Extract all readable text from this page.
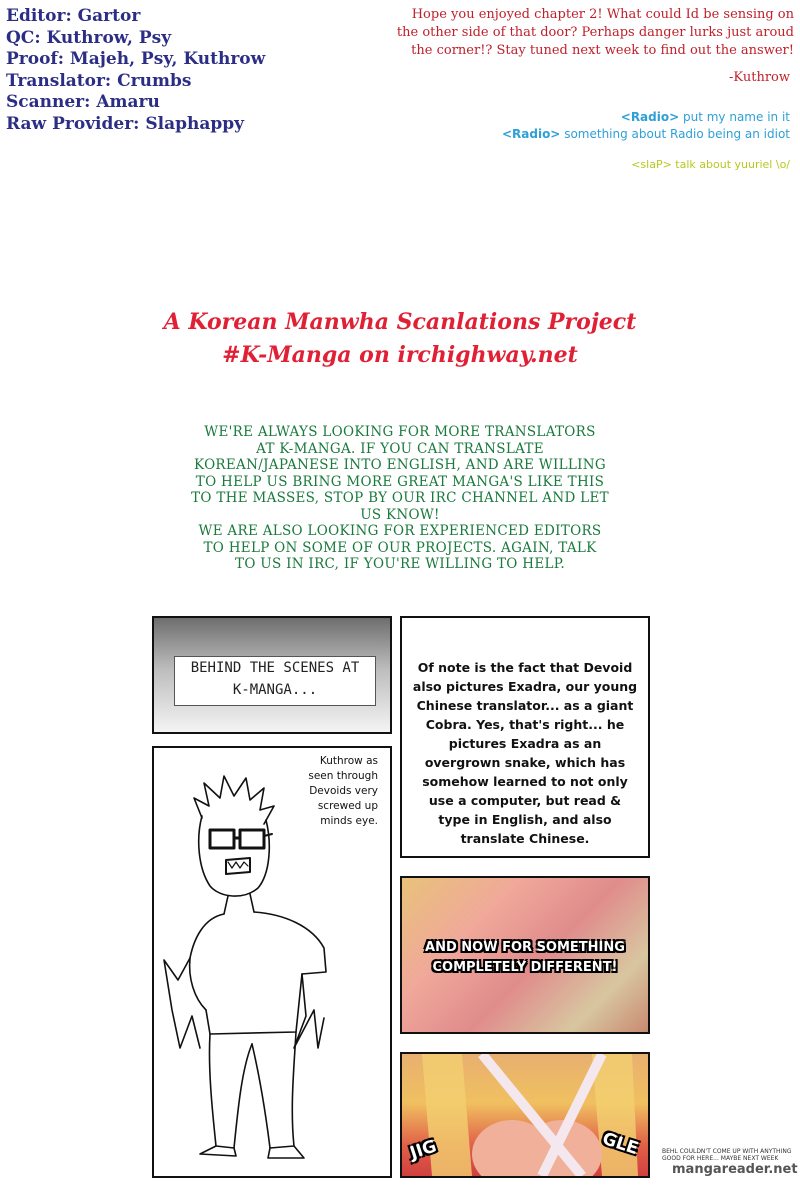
Editor: Gartor
QC: Kuthrow, Psy
Proof: Majeh, Psy, Kuthrow
Translator: Crumbs
Scanner: Amaru
Raw Provider: Slaphappy
Hope you enjoyed chapter 2! What could Id be sensing on the other side of that door? Perhaps danger lurks just aroud the corner!? Stay tuned next week to find out the answer!
-Kuthrow
<Radio> put my name in it
<Radio> something about Radio being an idiot
<slaP> talk about yuuriel \o/
A Korean Manwha Scanlations Project
#K-Manga on irchighway.net
WE'RE ALWAYS LOOKING FOR MORE TRANSLATORS
AT K-MANGA. IF YOU CAN TRANSLATE
KOREAN/JAPANESE INTO ENGLISH, AND ARE WILLING
TO HELP US BRING MORE GREAT MANGA'S LIKE THIS
TO THE MASSES, STOP BY OUR IRC CHANNEL AND LET
US KNOW!
WE ARE ALSO LOOKING FOR EXPERIENCED EDITORS
TO HELP ON SOME OF OUR PROJECTS. AGAIN, TALK
TO US IN IRC, IF YOU'RE WILLING TO HELP.
BEHIND THE SCENES AT
K-MANGA...
Of note is the fact that Devoid also pictures Exadra, our young Chinese translator... as a giant Cobra. Yes, that's right... he pictures Exadra as an overgrown snake, which has somehow learned to not only use a computer, but read & type in English, and also translate Chinese.
Kuthrow as seen through Devoids very screwed up minds eye.
AND NOW FOR SOMETHING
COMPLETELY DIFFERENT!
JIG	GLE	BEHL COULDN'T COME UP WITH ANYTHING GOOD FOR HERE... MAYBE NEXT WEEK
mangareader.net
